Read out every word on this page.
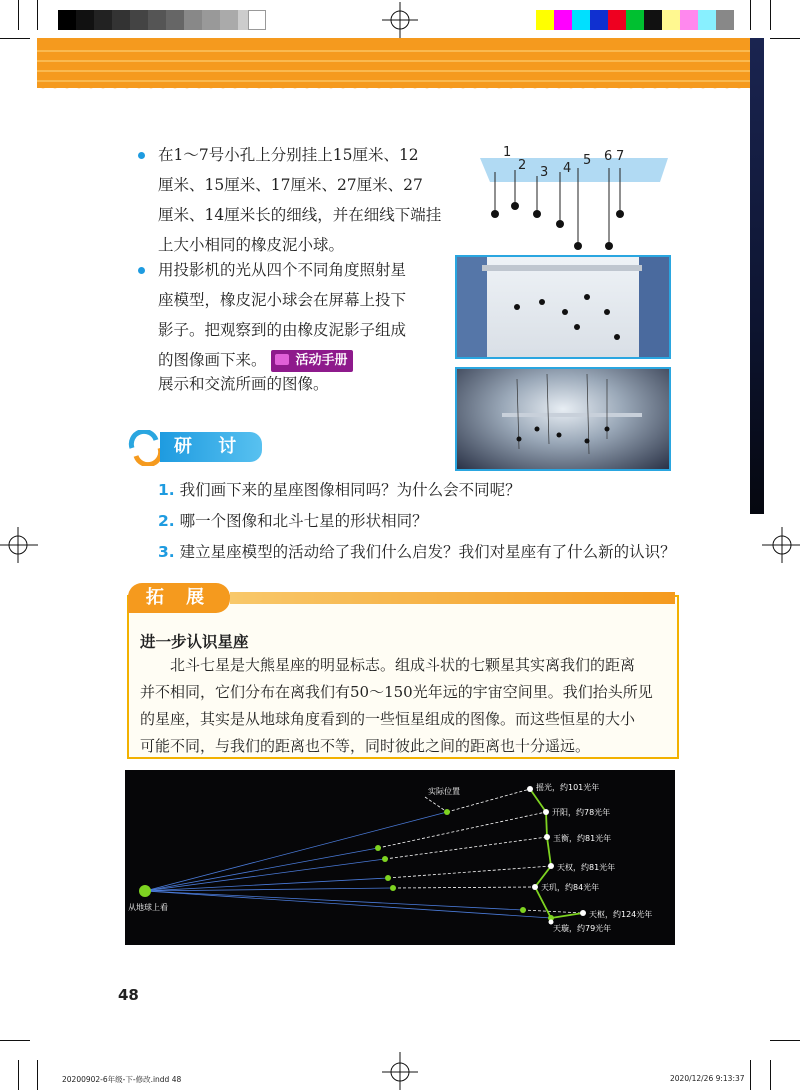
在1～7号小孔上分别挂上15厘米、12
厘米、15厘米、17厘米、27厘米、27
厘米、14厘米长的细线，并在细线下端挂
上大小相同的橡皮泥小球。
用投影机的光从四个不同角度照射星
座模型，橡皮泥小球会在屏幕上投下
影子。把观察到的由橡皮泥影子组成
的图像画下来。 活动手册
展示和交流所画的图像。
1
2 3 4
5 6 7
研 讨
1. 我们画下来的星座图像相同吗？为什么会不同呢？
2. 哪一个图像和北斗七星的形状相同？
3. 建立星座模型的活动给了我们什么启发？我们对星座有了什么新的认识？
拓 展
进一步认识星座
北斗七星是大熊星座的明显标志。组成斗状的七颗星其实离我们的距离
并不相同，它们分布在离我们有50～150光年远的宇宙空间里。我们抬头所见
的星座，其实是从地球角度看到的一些恒星组成的图像。而这些恒星的大小
可能不同，与我们的距离也不等，同时彼此之间的距离也十分遥远。
从地球上看
实际位置	摇光，约101光年
开阳，约78光年
玉衡，约81光年
天权，约81光年
天玑，约84光年
天枢，约124光年
天璇，约79光年
48
20200902-6年级-下-修改.indd 48	2020/12/26 9:13:37
